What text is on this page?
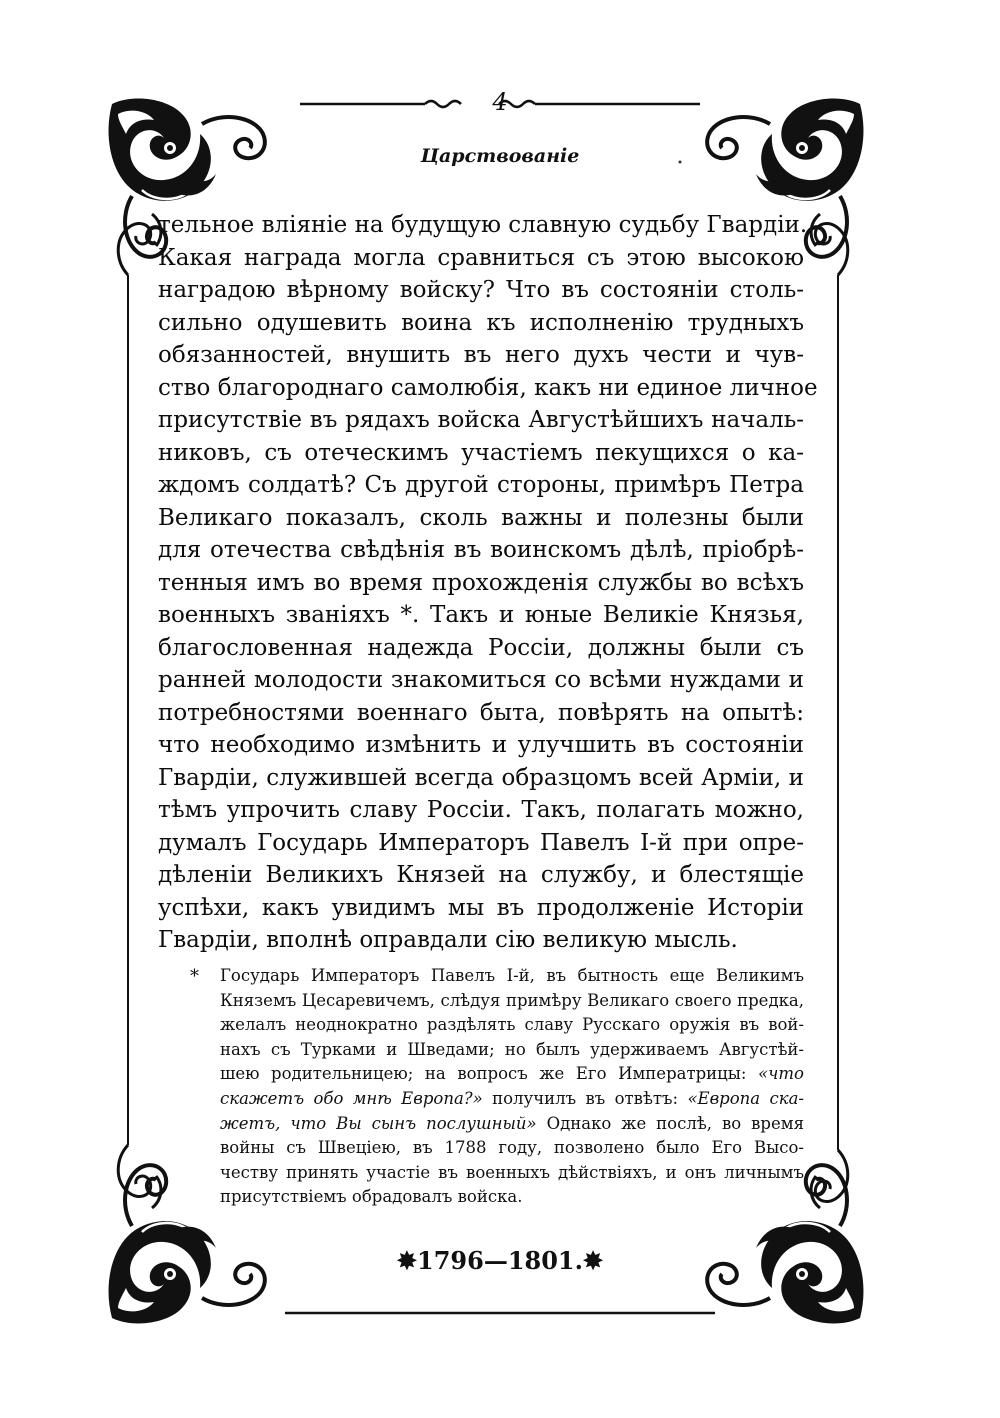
4
Царствованіе
тельное вліяніе на будущую славную судьбу Гвардіи.
Какая награда могла сравниться съ этою высокою
наградою вѣрному войску? Что въ состояніи столь-
сильно одушевить воина къ исполненію трудныхъ
обязанностей, внушить въ него духъ чести и чув-
ство благороднаго самолюбія, какъ ни единое личное
присутствіе въ рядахъ войска Августѣйшихъ началь-
никовъ, съ отеческимъ участіемъ пекущихся о ка-
ждомъ солдатѣ? Съ другой стороны, примѣръ Петра
Великаго показалъ, сколь важны и полезны были
для отечества свѣдѣнія въ воинскомъ дѣлѣ, пріобрѣ-
тенныя имъ во время прохожденія службы во всѣхъ
военныхъ званіяхъ *. Такъ и юные Великіе Князья,
благословенная надежда Россіи, должны были съ
ранней молодости знакомиться со всѣми нуждами и
потребностями военнаго быта, повѣрять на опытѣ:
что необходимо измѣнить и улучшить въ состояніи
Гвардіи, служившей всегда образцомъ всей Арміи, и
тѣмъ упрочить славу Россіи. Такъ, полагать можно,
думалъ Государь Императоръ Павелъ I-й при опре-
дѣленіи Великихъ Князей на службу, и блестящіе
успѣхи, какъ увидимъ мы въ продолженіе Исторіи
Гвардіи, вполнѣ оправдали сію великую мысль.
*	Государь Императоръ Павелъ I-й, въ бытность еще Великимъ
Княземъ Цесаревичемъ, слѣдуя примѣру Великаго своего предка,
желалъ неоднократно раздѣлять славу Русскаго оружія въ вой-
нахъ съ Турками и Шведами; но былъ удерживаемъ Августѣй-
шею родительницею; на вопросъ же Его Императрицы: «что
скажетъ обо мнѣ Европа?» получилъ въ отвѣтъ: «Европа ска-
жетъ, что Вы сынъ послушный» Однако же послѣ, во время
войны съ Швеціею, въ 1788 году, позволено было Его Высо-
честву принять участіе въ военныхъ дѣйствіяхъ, и онъ личнымъ
присутствіемъ обрадовалъ войска.
✸1796—1801.✸
